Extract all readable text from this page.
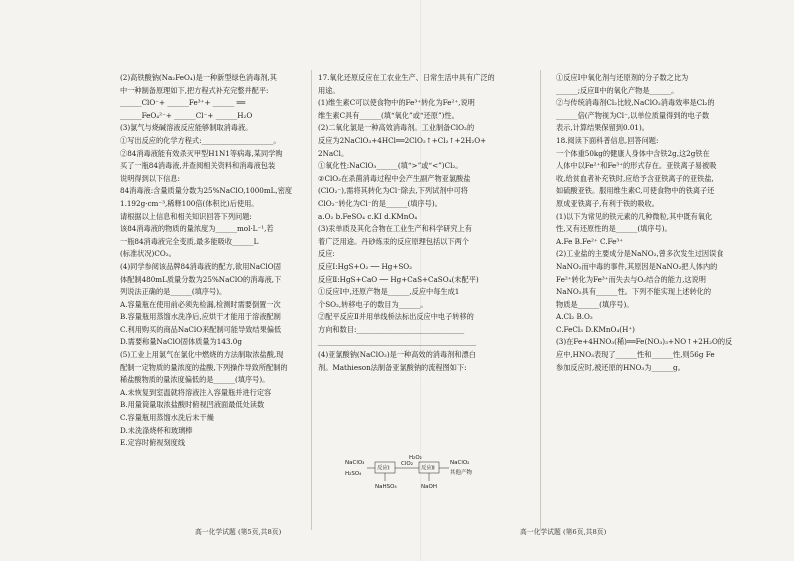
(2)高铁酸钠(Na₂FeO₄)是一种新型绿色消毒剂,其
中一种制备原理如下,把方程式补充完整并配平:
______ClO⁻+ ______Fe³⁺+ ______ ══
______FeO₄²⁻+ ______Cl⁻+ ______H₂O
(3)氯气与烧碱溶液反应能够制取消毒液。
①写出反应的化学方程式:____________________。
②84消毒液能有效杀灭甲型H1N1等病毒,某同学购
买了一瓶84消毒液,并查阅相关资料和消毒液包装
说明得到以下信息:
84消毒液:含量质量分数为25%NaClO,1000mL,密度
1.192g·cm⁻³,稀释100倍(体积比)后使用。
请根据以上信息和相关知识回答下列问题:
该84消毒液的物质的量浓度为______mol·L⁻¹,若
一瓶84消毒液完全变质,最多能吸收______L
(标准状况)CO₂。
(4)同学参阅该品牌84消毒液的配方,欲用NaClO固
体配制480mL质量分数为25%NaClO的消毒液,下
列说法正确的是______(填序号)。
A.容量瓶在使用前必须先检漏,检测时需要倒置一次
B.容量瓶用蒸馏水洗净后,应烘干才能用于溶液配制
C.利用购买的商品NaClO来配制可能导致结果偏低
D.需要称量NaClO固体质量为143.0g
(5)工业上用氯气在氯化中燃烧的方法制取浓盐酸,现
配制一定物质的量浓度的盐酸,下列操作导致所配制的
稀盐酸物质的量浓度偏低的是______(填序号)。
A.未恢复到室温就将溶液注入容量瓶并进行定容
B.用量筒量取浓盐酸时俯视凹液面最低处读数
C.容量瓶用蒸馏水洗后未干燥
D.未洗涤烧杯和玻璃棒
E.定容时俯视刻度线
17.氧化还原反应在工农业生产、日常生活中具有广泛的
用途。
(1)维生素C可以使食物中的Fe³⁺转化为Fe²⁺,说明
维生素C具有______(填“氧化”或“还原”)性。
(2)二氧化氯是一种高效消毒剂。工业制备ClO₂的
反应为2NaClO₃+4HCl══2ClO₂↑+Cl₂↑+2H₂O+
2NaCl。
①氧化性:NaClO₃______(填“>”或“<”)Cl₂。
②ClO₂在杀菌消毒过程中会产生副产物亚氯酸盐
(ClO₂⁻),需将其转化为Cl⁻除去,下列试剂中可将
ClO₂⁻转化为Cl⁻的是______(填序号)。
a.O₂ b.FeSO₄ c.KI d.KMnO₄
(3)汞单质及其化合物在工业生产和科学研究上有
着广泛用途。丹砂炼汞的反应原理包括以下两个
反应:
反应Ⅰ:HgS+O₂ ── Hg+SO₂
反应Ⅱ:HgS+CaO ── Hg+CaS+CaSO₄(未配平)
①反应Ⅰ中,还原产物是______,反应中每生成1
个SO₂,转移电子的数目为______。
②配平反应Ⅱ并用单线桥法标出反应中电子转移的
方向和数目:______________________________
____________________________________________
(4)亚氯酸钠(NaClO₂)是一种高效的消毒剂和漂白
剂。Mathieson法制备亚氯酸钠的流程图如下:
①反应Ⅰ中氧化剂与还原剂的分子数之比为
______;反应Ⅱ中的氧化产物是______。
②与传统消毒剂Cl₂比较,NaClO₂消毒效率是Cl₂的
______倍(产物视为Cl⁻,以单位质量得到的电子数
表示,计算结果保留到0.01)。
18.阅读下面科普信息,回答问题:
一个体重50kg的健康人身体中含铁2g,这2g铁在
人体中以Fe²⁺和Fe³⁺的形式存在。亚铁离子易被吸
收,给贫血者补充铁时,应给予含亚铁离子的亚铁盐,
如硫酸亚铁。服用维生素C,可使食物中的铁离子还
原成亚铁离子,有利于铁的吸收。
(1)以下为常见的铁元素的几种微粒,其中既有氧化
性,又有还原性的是______(填序号)。
A.Fe B.Fe²⁺ C.Fe³⁺
(2)工业盐的主要成分是NaNO₂,曾多次发生过因误食
NaNO₂而中毒的事件,其原因是NaNO₂把人体内的
Fe²⁺转化为Fe³⁺而失去与O₂结合的能力,这说明
NaNO₂具有______性。下列不能实现上述转化的
物质是______(填序号)。
A.Cl₂ B.O₂
C.FeCl₃ D.KMnO₄(H⁺)
(3)在Fe+4HNO₃(稀)══Fe(NO₃)₃+NO↑+2H₂O的反
应中,HNO₃表现了______性和______性,则56g Fe
参加反应时,被还原的HNO₃为______g。
NaClO₃
H₂SO₄
反应Ⅰ
ClO₂
H₂O₂
反应Ⅱ
NaClO₂
其他产物
NaHSO₄	NaOH
高一化学试题 (第5页,共8页)	高一化学试题 (第6页,共8页)
